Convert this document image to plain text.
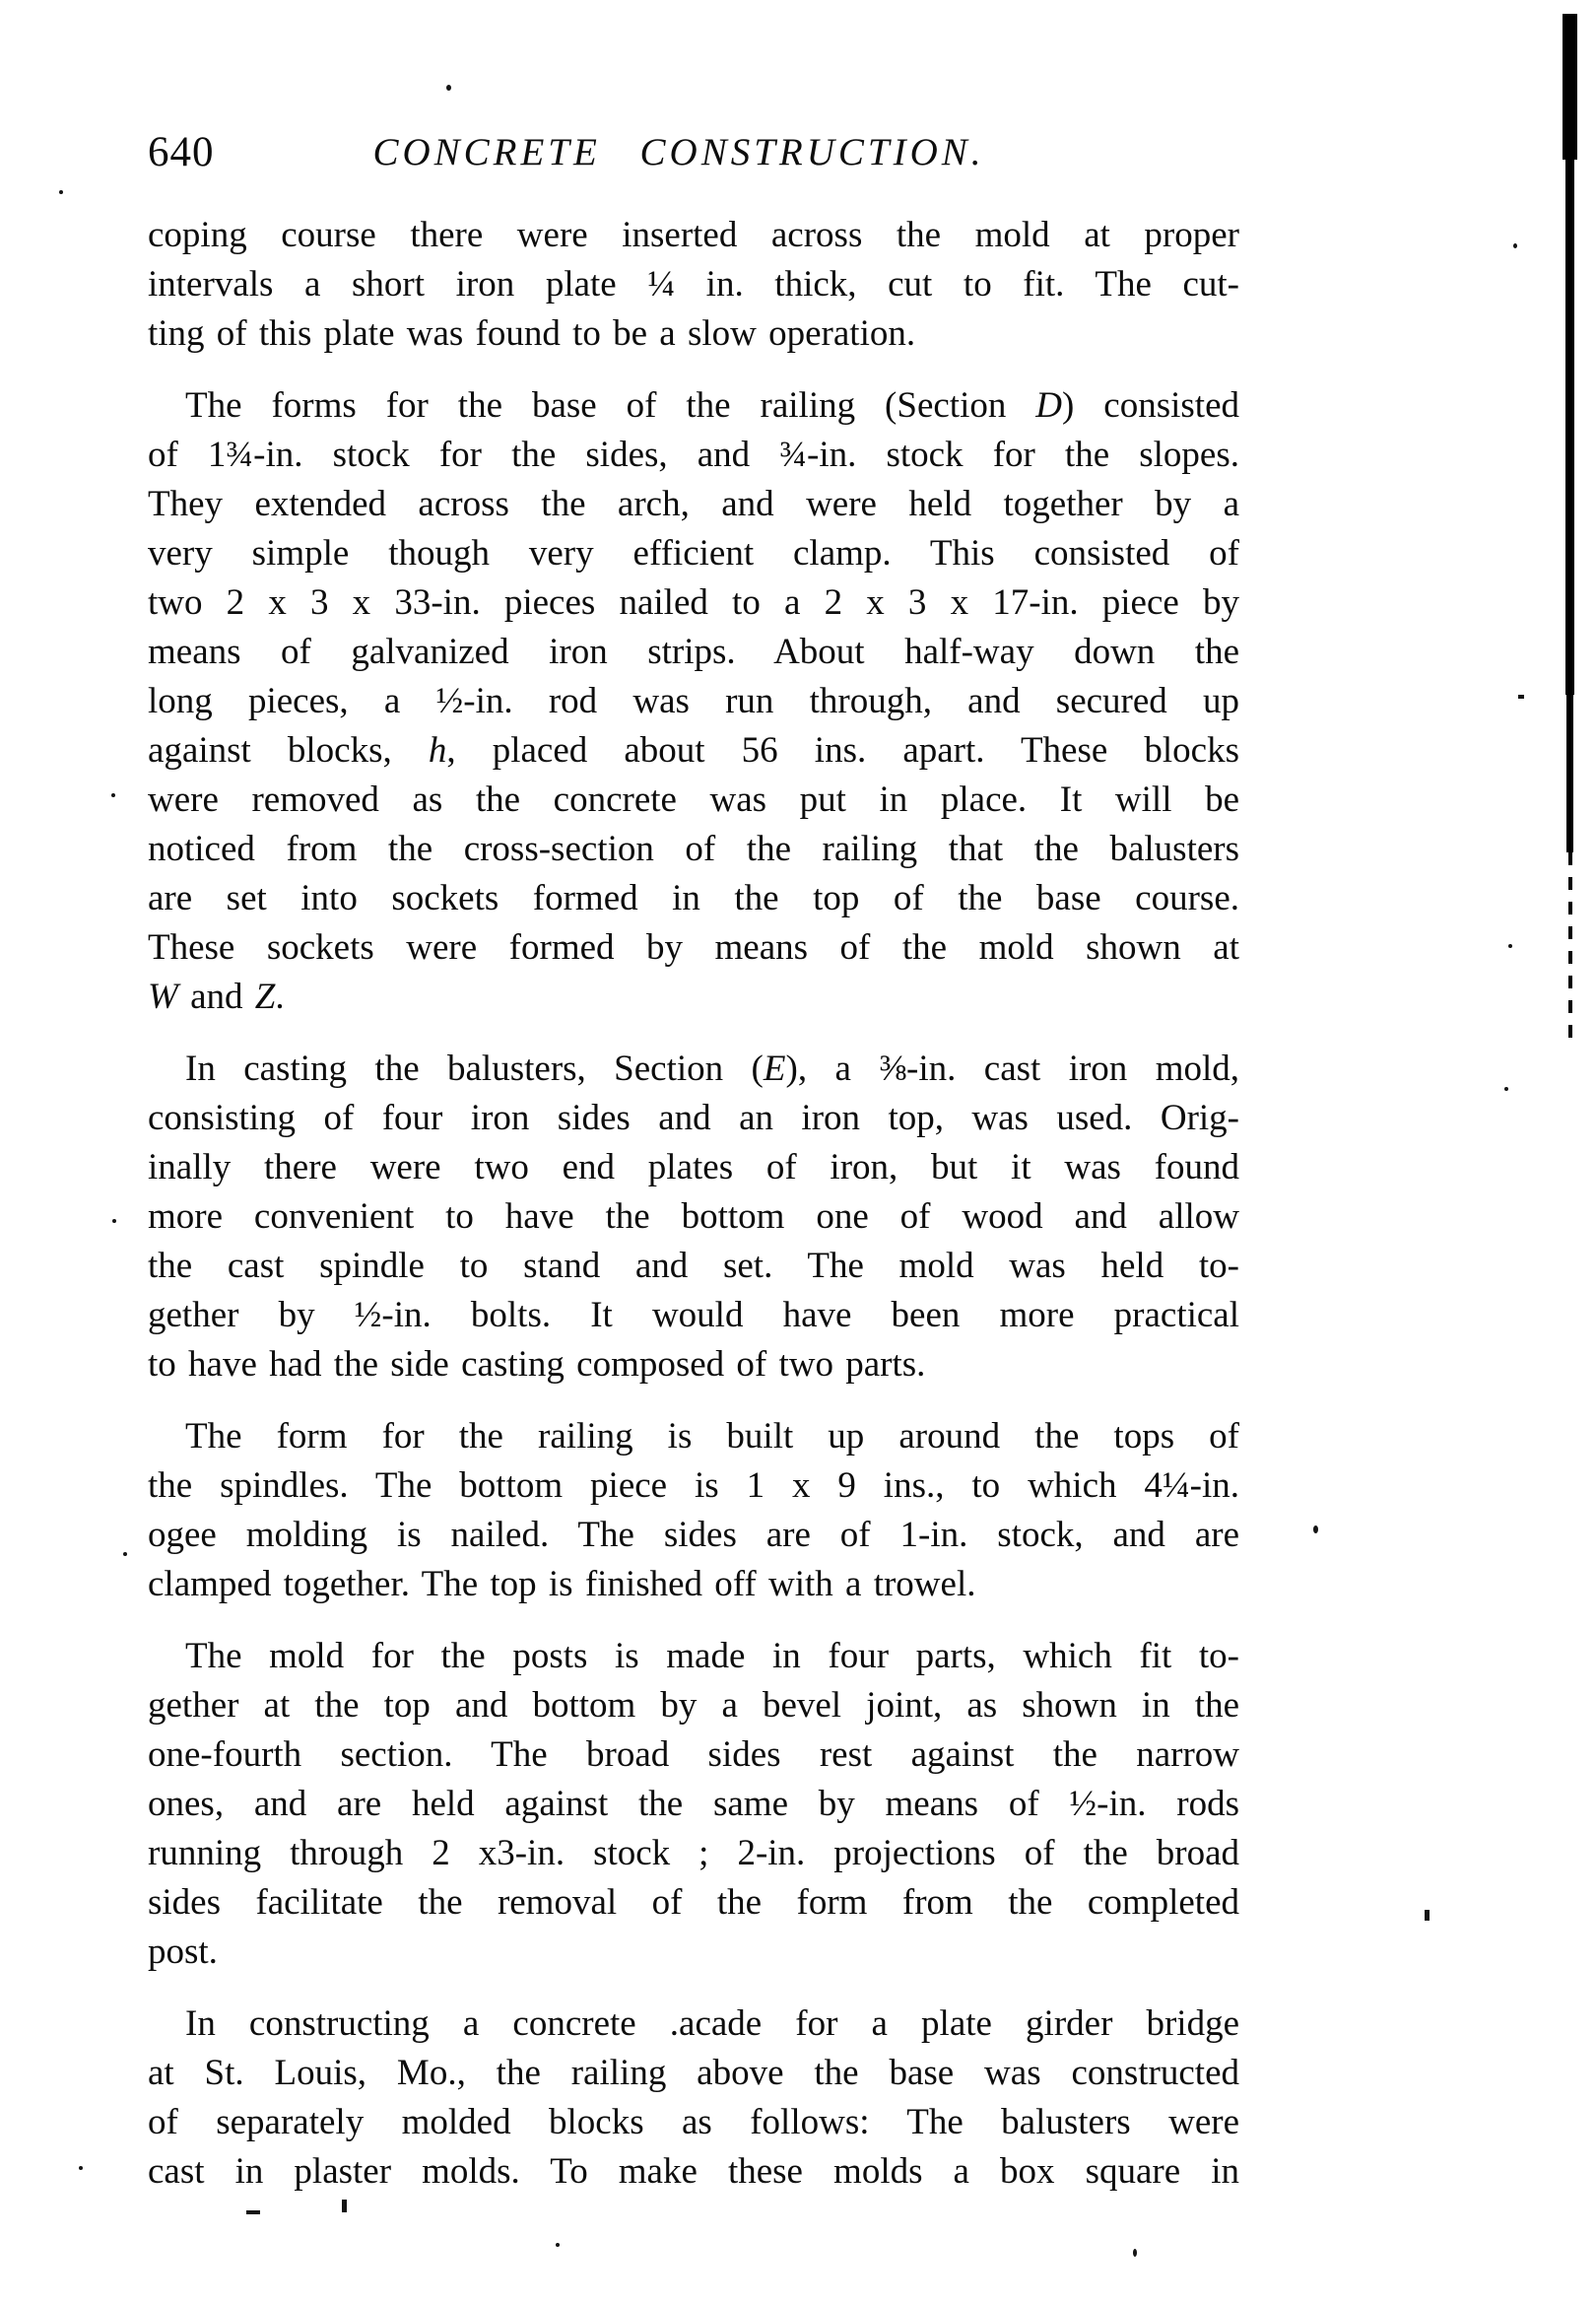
640	CONCRETE CONSTRUCTION.
coping course there were inserted across the mold at proper
intervals a short iron plate ¼ in. thick, cut to fit. The cut-
ting of this plate was found to be a slow operation.
The forms for the base of the railing (Section D) consisted
of 1¾-in. stock for the sides, and ¾-in. stock for the slopes.
They extended across the arch, and were held together by a
very simple though very efficient clamp. This consisted of
two 2 x 3 x 33-in. pieces nailed to a 2 x 3 x 17-in. piece by
means of galvanized iron strips. About half-way down the
long pieces, a ½-in. rod was run through, and secured up
against blocks, h, placed about 56 ins. apart. These blocks
were removed as the concrete was put in place. It will be
noticed from the cross-section of the railing that the balusters
are set into sockets formed in the top of the base course.
These sockets were formed by means of the mold shown at
W and Z.
In casting the balusters, Section (E), a ⅜-in. cast iron mold,
consisting of four iron sides and an iron top, was used. Orig-
inally there were two end plates of iron, but it was found
more convenient to have the bottom one of wood and allow
the cast spindle to stand and set. The mold was held to-
gether by ½-in. bolts. It would have been more practical
to have had the side casting composed of two parts.
The form for the railing is built up around the tops of
the spindles. The bottom piece is 1 x 9 ins., to which 4¼-in.
ogee molding is nailed. The sides are of 1-in. stock, and are
clamped together. The top is finished off with a trowel.
The mold for the posts is made in four parts, which fit to-
gether at the top and bottom by a bevel joint, as shown in the
one-fourth section. The broad sides rest against the narrow
ones, and are held against the same by means of ½-in. rods
running through 2 x3-in. stock ; 2-in. projections of the broad
sides facilitate the removal of the form from the completed
post.
In constructing a concrete .acade for a plate girder bridge
at St. Louis, Mo., the railing above the base was constructed
of separately molded blocks as follows: The balusters were
cast in plaster molds. To make these molds a box square in
